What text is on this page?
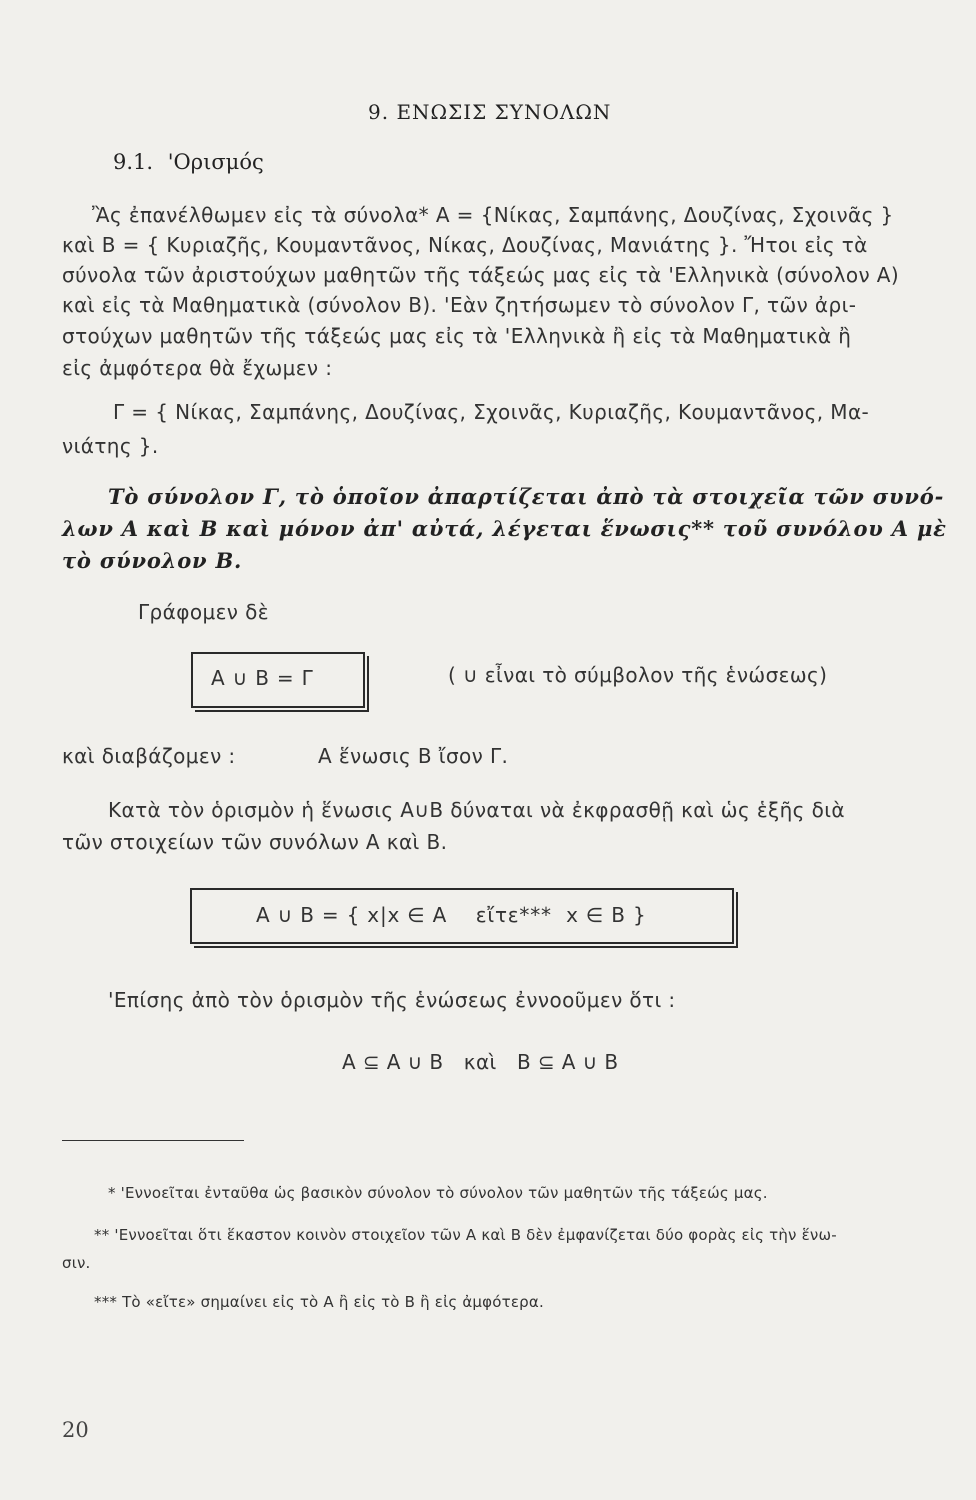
9. ΕΝΩΣΙΣ ΣΥΝΟΛΩΝ
9.1. 'Ορισμός
Ἂς ἐπανέλθωμεν εἰς τὰ σύνολα* Α = {Νίκας, Σαμπάνης, Δουζίνας, Σχοινᾶς }
καὶ Β = { Κυριαζῆς, Κουμαντᾶνος, Νίκας, Δουζίνας, Μανιάτης }. Ἤτοι εἰς τὰ
σύνολα τῶν ἀριστούχων μαθητῶν τῆς τάξεώς μας εἰς τὰ 'Ελληνικὰ (σύνολον Α)
καὶ εἰς τὰ Μαθηματικὰ (σύνολον Β). 'Εὰν ζητήσωμεν τὸ σύνολον Γ, τῶν ἀρι-
στούχων μαθητῶν τῆς τάξεώς μας εἰς τὰ 'Ελληνικὰ ἢ εἰς τὰ Μαθηματικὰ ἢ
εἰς ἀμφότερα θὰ ἔχωμεν :
Γ = { Νίκας, Σαμπάνης, Δουζίνας, Σχοινᾶς, Κυριαζῆς, Κουμαντᾶνος, Μα-
νιάτης }.
Τὸ σύνολον Γ, τὸ ὁποῖον ἀπαρτίζεται ἀπὸ τὰ στοιχεῖα τῶν συνό-
λων Α καὶ Β καὶ μόνον ἀπ' αὐτά, λέγεται ἕνωσις** τοῦ συνόλου Α μὲ
τὸ σύνολον Β.
Γράφομεν δὲ
Α ∪ Β = Γ	( ∪ εἶναι τὸ σύμβολον τῆς ἑνώσεως)
καὶ διαβάζομεν :	Α ἕνωσις Β ἴσον Γ.
Κατὰ τὸν ὁρισμὸν ἡ ἕνωσις Α∪Β δύναται νὰ ἐκφρασθῇ καὶ ὡς ἑξῆς διὰ
τῶν στοιχείων τῶν συνόλων Α καὶ Β.
Α ∪ Β = { x|x ∈ Α    εἴτε***  x ∈ Β }
'Επίσης ἀπὸ τὸν ὁρισμὸν τῆς ἑνώσεως ἐννοοῦμεν ὅτι :
Α ⊆ Α ∪ Β   καὶ   Β ⊆ Α ∪ Β
* 'Εννοεῖται ἐνταῦθα ὡς βασικὸν σύνολον τὸ σύνολον τῶν μαθητῶν τῆς τάξεώς μας.
** 'Εννοεῖται ὅτι ἕκαστον κοινὸν στοιχεῖον τῶν Α καὶ Β δὲν ἐμφανίζεται δύο φορὰς εἰς τὴν ἕνω-
σιν.
*** Τὸ «εἴτε» σημαίνει εἰς τὸ Α ἢ εἰς τὸ Β ἢ εἰς ἀμφότερα.
20
